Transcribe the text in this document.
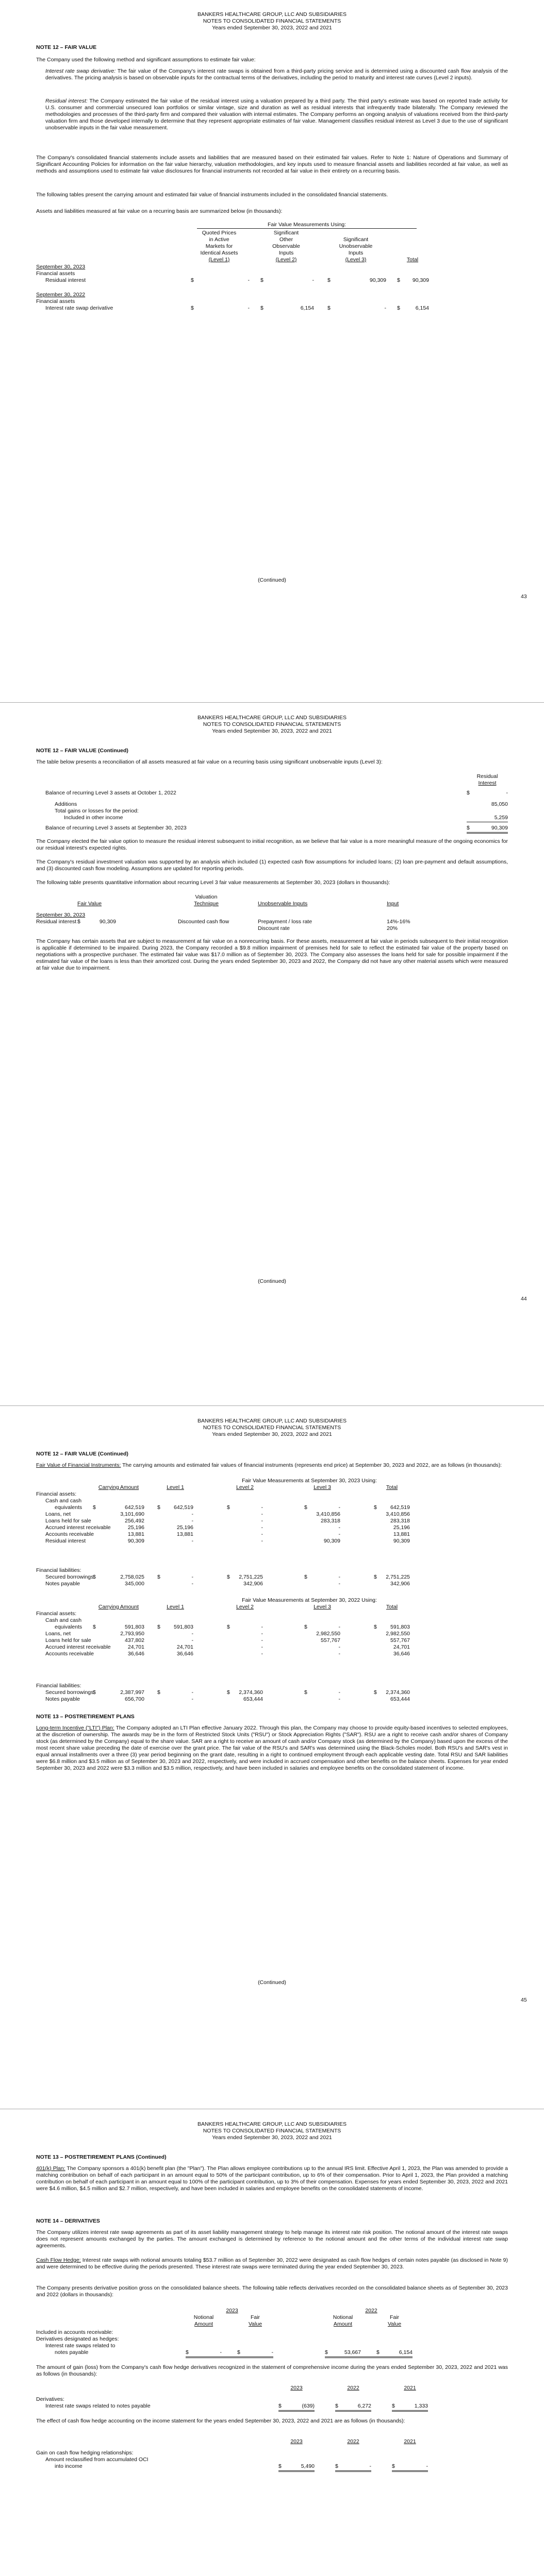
BANKERS HEALTHCARE GROUP, LLC AND SUBSIDIARIES
NOTES TO CONSOLIDATED FINANCIAL STATEMENTS
Years ended September 30, 2023, 2022 and 2021
NOTE 12 – FAIR VALUE
The Company used the following method and significant assumptions to estimate fair value:
Interest rate swap derivative: The fair value of the Company's interest rate swaps is obtained from a third-party pricing service and is determined using a discounted cash flow analysis of the derivatives. The pricing analysis is based on observable inputs for the contractual terms of the derivatives, including the period to maturity and interest rate curves (Level 2 inputs).
Residual interest: The Company estimated the fair value of the residual interest using a valuation prepared by a third party. The third party's estimate was based on reported trade activity for U.S. consumer and commercial unsecured loan portfolios or similar vintage, size and duration as well as residual interests that infrequently trade bilaterally. The Company reviewed the methodologies and processes of the third-party firm and compared their valuation with internal estimates. The Company performs an ongoing analysis of valuations received from the third-party valuation firm and those developed internally to determine that they represent appropriate estimates of fair value. Management classifies residual interest as Level 3 due to the use of significant unobservable inputs in the fair value measurement.
The Company's consolidated financial statements include assets and liabilities that are measured based on their estimated fair values. Refer to Note 1: Nature of Operations and Summary of Significant Accounting Policies for information on the fair value hierarchy, valuation methodologies, and key inputs used to measure financial assets and liabilities recorded at fair value, as well as methods and assumptions used to estimate fair value disclosures for financial instruments not recorded at fair value in their entirety on a recurring basis.
The following tables present the carrying amount and estimated fair value of financial instruments included in the consolidated financial statements.
Assets and liabilities measured at fair value on a recurring basis are summarized below (in thousands):
Fair Value Measurements Using:
Quoted Prices
in Active
Markets for
Identical Assets
(Level 1)
Significant
Other
Observable
Inputs
(Level 2)
Significant
Unobservable
Inputs
(Level 3)	Total
September 30, 2023
Financial assets
Residual interest	$	- $	- $	90,309 $	90,309
September 30, 2022
Financial assets
Interest rate swap derivative	$	- $	6,154 $	- $	6,154
(Continued)
43
BANKERS HEALTHCARE GROUP, LLC AND SUBSIDIARIES
NOTES TO CONSOLIDATED FINANCIAL STATEMENTS
Years ended September 30, 2023, 2022 and 2021
NOTE 12 – FAIR VALUE (Continued)
The table below presents a reconciliation of all assets measured at fair value on a recurring basis using significant unobservable inputs (Level 3):
Residual
Interest
Balance of recurring Level 3 assets at October 1, 2022	$	-
Additions	85,050
Total gains or losses for the period:
Included in other income	5,259
Balance of recurring Level 3 assets at September 30, 2023	$	90,309
The Company elected the fair value option to measure the residual interest subsequent to initial recognition, as we believe that fair value is a more meaningful measure of the ongoing economics for our residual interest's expected rights.
The Company's residual investment valuation was supported by an analysis which included (1) expected cash flow assumptions for included loans; (2) loan pre-payment and default assumptions, and (3) discounted cash flow modeling. Assumptions are updated for reporting periods.
The following table presents quantitative information about recurring Level 3 fair value measurements at September 30, 2023 (dollars in thousands):
Valuation
Fair Value	Technique	Unobservable Inputs	Input
September 30, 2023
Residual interest $	90,309	Discounted cash flow	Prepayment / loss rate	14%-16%
Discount rate	20%
The Company has certain assets that are subject to measurement at fair value on a nonrecurring basis. For these assets, measurement at fair value in periods subsequent to their initial recognition is applicable if determined to be impaired. During 2023, the Company recorded a $9.8 million impairment of premises held for sale to reflect the estimated fair value of the property based on negotiations with a prospective purchaser. The estimated fair value was $17.0 million as of September 30, 2023. The Company also assesses the loans held for sale for possible impairment if the estimated fair value of the loans is less than their amortized cost. During the years ended September 30, 2023 and 2022, the Company did not have any other material assets which were measured at fair value due to impairment.
(Continued)
44
BANKERS HEALTHCARE GROUP, LLC AND SUBSIDIARIES
NOTES TO CONSOLIDATED FINANCIAL STATEMENTS
Years ended September 30, 2023, 2022 and 2021
NOTE 12 – FAIR VALUE (Continued)
Fair Value of Financial Instruments: The carrying amounts and estimated fair values of financial instruments (represents end price) at September 30, 2023 and 2022, are as follows (in thousands):
Fair Value Measurements at September 30, 2023 Using:
Carrying Amount	Level 1	Level 2	Level 3	Total
Financial assets:
Cash and cash
equivalents $	642,519 $	642,519	$	-	$	-	$	642,519
Loans, net	3,101,690	-	-	3,410,856	3,410,856
Loans held for sale	256,492	-	-	283,318	283,318
Accrued interest receivable	25,196	25,196	-	-	25,196
Accounts receivable	13,881	13,881	-	-	13,881
Residual interest	90,309	-	-	90,309	90,309
Financial liabilities:
Secured borrowings
$	2,758,025 $	-	$	2,751,225	$	-	$	2,751,225
Notes payable	345,000	-	342,906	-	342,906
Fair Value Measurements at September 30, 2022 Using:
Carrying Amount	Level 1	Level 2	Level 3	Total
Financial assets:
Cash and cash
equivalents $	591,803 $	591,803	$	-	$	-	$	591,803
Loans, net	2,793,950	-	-	2,982,550	2,982,550
Loans held for sale	437,802	-	-	557,767	557,767
Accrued interest receivable	24,701	24,701	-	-	24,701
Accounts receivable	36,646	36,646	-	-	36,646
Financial liabilities:
Secured borrowings
$	2,387,997 $	-	$	2,374,360	$	-	$	2,374,360
Notes payable	656,700	-	653,444	-	653,444
NOTE 13 – POSTRETIREMENT PLANS
Long-term Incentive ("LTI") Plan: The Company adopted an LTI Plan effective January 2022. Through this plan, the Company may choose to provide equity-based incentives to selected employees, at the discretion of ownership. The awards may be in the form of Restricted Stock Units ("RSU") or Stock Appreciation Rights ("SAR"). RSU are a right to receive cash and/or shares of Company stock (as determined by the Company) equal to the share value. SAR are a right to receive an amount of cash and/or Company stock (as determined by the Company) based upon the excess of the most recent share value preceding the date of exercise over the grant price. The fair value of the RSU's and SAR's was determined using the Black-Scholes model. Both RSU's and SAR's vest in equal annual installments over a three (3) year period beginning on the grant date, resulting in a right to continued employment through each applicable vesting date. Total RSU and SAR liabilities were $6.8 million and $3.5 million as of September 30, 2023 and 2022, respectively, and were included in accrued compensation and other benefits on the balance sheets. Expenses for year ended September 30, 2023 and 2022 were $3.3 million and $3.5 million, respectively, and have been included in salaries and employee benefits on the consolidated statement of income.
(Continued)
45
BANKERS HEALTHCARE GROUP, LLC AND SUBSIDIARIES
NOTES TO CONSOLIDATED FINANCIAL STATEMENTS
Years ended September 30, 2023, 2022 and 2021
NOTE 13 – POSTRETIREMENT PLANS (Continued)
401(k) Plan: The Company sponsors a 401(k) benefit plan (the "Plan"). The Plan allows employee contributions up to the annual IRS limit. Effective April 1, 2023, the Plan was amended to provide a matching contribution on behalf of each participant in an amount equal to 50% of the participant contribution, up to 6% of their compensation. Prior to April 1, 2023, the Plan provided a matching contribution on behalf of each participant in an amount equal to 100% of the participant contribution, up to 3% of their compensation. Expenses for years ended September 30, 2023, 2022 and 2021 were $4.6 million, $4.5 million and $2.7 million, respectively, and have been included in salaries and employee benefits on the consolidated statements of income.
NOTE 14 – DERIVATIVES
The Company utilizes interest rate swap agreements as part of its asset liability management strategy to help manage its interest rate risk position. The notional amount of the interest rate swaps does not represent amounts exchanged by the parties. The amount exchanged is determined by reference to the notional amount and the other terms of the individual interest rate swap agreements.
Cash Flow Hedge: Interest rate swaps with notional amounts totaling $53.7 million as of September 30, 2022 were designated as cash flow hedges of certain notes payable (as disclosed in Note 9) and were determined to be effective during the periods presented. These interest rate swaps were terminated during the year ended September 30, 2023.
The Company presents derivative position gross on the consolidated balance sheets. The following table reflects derivatives recorded on the consolidated balance sheets as of September 30, 2023 and 2022 (dollars in thousands):
2023	2022
Notional
Amount
Fair
Value
Notional
Amount
Fair
Value
Included in accounts receivable:
Derivatives designated as hedges:
Interest rate swaps related to
notes payable	$	-	$	-	$	53,667	$	6,154
The amount of gain (loss) from the Company's cash flow hedge derivatives recognized in the statement of comprehensive income during the years ended September 30, 2023, 2022 and 2021 was as follows (in thousands):
2023	2022	2021
Derivatives:
Interest rate swaps related to notes payable	$	(639)	$	6,272	$	1,333
The effect of cash flow hedge accounting on the income statement for the years ended September 30, 2023, 2022 and 2021 are as follows (in thousands):
2023	2022	2021
Gain on cash flow hedging relationships:
Amount reclassified from accumulated OCI
into income	$	5,490	$	-	$	-
